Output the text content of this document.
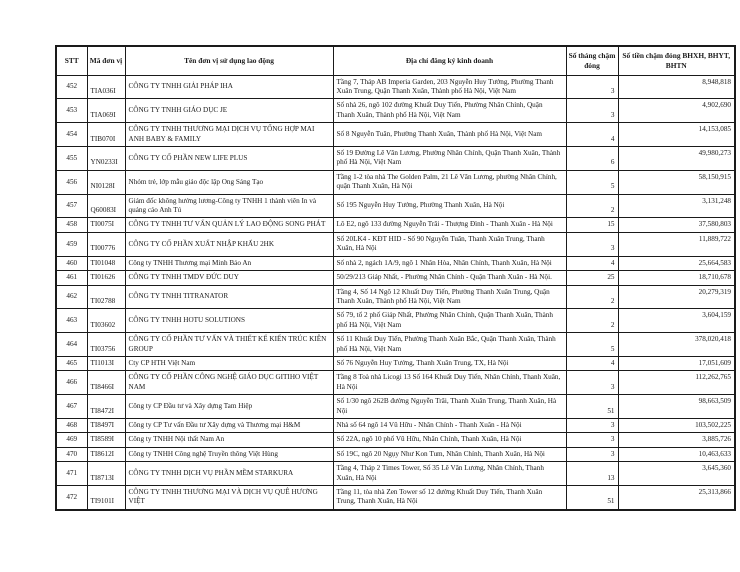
STT	Mã đơn vị	Tên đơn vị sử dụng lao động	Địa chỉ đăng ký kinh doanh	Số tháng chậm đóng	Số tiền chậm đóng BHXH, BHYT, BHTN
452	TIA036I	CÔNG TY TNHH GIẢI PHÁP IHA	Tầng 7, Tháp AB Imperia Garden, 203 Nguyễn Huy Tưởng, Phường Thanh Xuân Trung, Quận Thanh Xuân, Thành phố Hà Nội, Việt Nam	3	8,948,818
453	TIA069I	CÔNG TY TNHH GIÁO DỤC JE	Số nhà 26, ngõ 102 đường Khuất Duy Tiến, Phường Nhân Chính, Quận Thanh Xuân, Thành phố Hà Nội, Việt Nam	3	4,902,690
454	TIB070I	CÔNG TY TNHH THƯƠNG MẠI DỊCH VỤ TỔNG HỢP MAI ANH BABY & FAMILY	Số 8 Nguyễn Tuân, Phường Thanh Xuân, Thành phố Hà Nội, Việt Nam	4	14,153,085
455	YN0233I	CÔNG TY CỔ PHẦN NEW LIFE PLUS	Số 19 Đường Lê Văn Lương, Phường Nhân Chính, Quận Thanh Xuân, Thành phố Hà Nội, Việt Nam	6	49,980,273
456	NI0128I	Nhóm trẻ, lớp mẫu giáo độc lập Ong Sáng Tạo	Tầng 1-2 tòa nhà The Golden Palm, 21 Lê Văn Lương, phường Nhân Chính, quận Thanh Xuân, Hà Nội	5	58,150,915
457	Q60083I	Giám đốc không hưởng lương-Công ty TNHH 1 thành viên In và quảng cáo Anh Tú	Số 195 Nguyễn Huy Tưởng, Phường Thanh Xuân, Hà Nội	2	3,131,248
458	TI0075I	CÔNG TY TNHH TƯ VẤN QUẢN LÝ LAO ĐỘNG SONG PHÁT	Lô E2, ngõ 133 đường Nguyễn Trãi - Thượng Đình - Thanh Xuân - Hà Nội	15	37,580,803
459	TI00776	CÔNG TY CỔ PHẦN XUẤT NHẬP KHẨU 2HK	Số 20LK4 - KĐT HID - Số 90 Nguyễn Tuân, Thanh Xuân Trung, Thanh Xuân, Hà Nội	3	11,889,722
460	TI01048	Công ty TNHH Thương mại Minh Bảo An	Số nhà 2, ngách 1A/9, ngõ 1 Nhân Hòa, Nhân Chính, Thanh Xuân, Hà Nội	4	25,664,583
461	TI01626	CÔNG TY TNHH TMDV ĐỨC DUY	50/29/213 Giáp Nhất, - Phường Nhân Chính - Quận Thanh Xuân - Hà Nội.	25	18,710,678
462	TI02788	CÔNG TY TNHH TITRANATOR	Tầng 4, Số 14 Ngõ 12 Khuất Duy Tiến, Phường Thanh Xuân Trung, Quận Thanh Xuân, Thành phố Hà Nội, Việt Nam	2	20,279,319
463	TI03602	CÔNG TY TNHH HOTU SOLUTIONS	Số 79, tổ 2 phố Giáp Nhất, Phường Nhân Chính, Quận Thanh Xuân, Thành phố Hà Nội, Việt Nam	2	3,604,159
464	TI03756	CÔNG TY CỔ PHẦN TƯ VẤN VÀ THIẾT KẾ KIẾN TRÚC KIÊN GROUP	Số 11 Khuất Duy Tiến, Phường Thanh Xuân Bắc, Quận Thanh Xuân, Thành phố Hà Nội, Việt Nam	5	378,020,418
465	TI1013I	Cty CP HTH Việt Nam	Số 76 Nguyễn Huy Tưởng, Thanh Xuân Trung, TX, Hà Nội	4	17,051,609
466	TI8466I	CÔNG TY CỔ PHẦN CÔNG NGHỆ GIÁO DỤC GITIHO VIỆT NAM	Tầng 8 Toà nhà Licogi 13 Số 164 Khuất Duy Tiến, Nhân Chính, Thanh Xuân, Hà Nội	3	112,262,765
467	TI8472I	Công ty CP Đầu tư và Xây dựng Tam Hiệp	Số 1/30 ngõ 262B đường Nguyễn Trãi, Thanh Xuân Trung, Thanh Xuân, Hà Nội	51	98,663,509
468	TI8497I	Công ty CP Tư vấn Đầu tư Xây dựng và Thương mại H&M	Nhà số 64 ngõ 14 Vũ Hữu - Nhân Chính - Thanh Xuân - Hà Nội	3	103,502,225
469	TI8589I	Công ty TNHH Nội thất Nam An	Số 22A, ngõ 10 phố Vũ Hữu, Nhân Chính, Thanh Xuân, Hà Nội	3	3,885,726
470	TI8612I	Công ty TNHH Công nghệ Truyền thông Việt Hùng	Số 19C, ngõ 20 Ngụy Như Kon Tum, Nhân Chính, Thanh Xuân, Hà Nội	3	10,463,633
471	TI8713I	CÔNG TY TNHH DỊCH VỤ PHẦN MỀM STARKURA	Tầng 4, Tháp 2 Times Tower, Số 35 Lê Văn Lương, Nhân Chính, Thanh Xuân, Hà Nội	13	3,645,360
472	TI9101I	CÔNG TY TNHH THƯƠNG MẠI VÀ DỊCH VỤ QUÊ HƯƠNG VIỆT	Tầng 11, tòa nhà Zen Tower số 12 đường Khuất Duy Tiến, Thanh Xuân Trung, Thanh Xuân, Hà Nội	51	25,313,866
